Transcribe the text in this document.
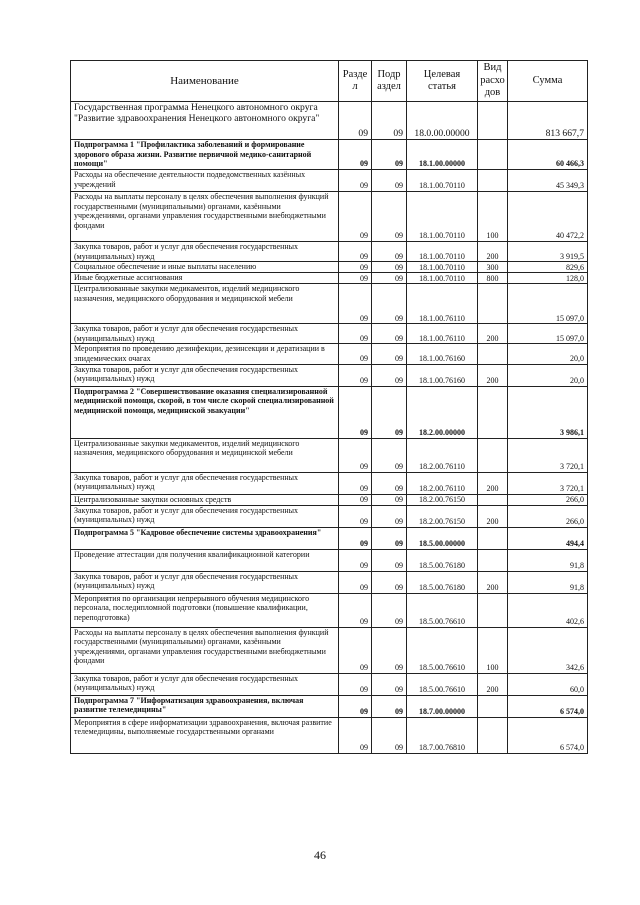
Наименование	Разде л	Подр аздел	Целевая статья	Вид расхо дов	Сумма
Государственная программа Ненецкого автономного округа "Развитие здравоохранения Ненецкого автономного округа"	09	09	18.0.00.00000		813 667,7
Подпрограмма 1 "Профилактика заболеваний и формирование здорового образа жизни. Развитие первичной медико-санитарной помощи"	09	09	18.1.00.00000		60 466,3
Расходы на обеспечение деятельности подведомственных казённых учреждений	09	09	18.1.00.70110		45 349,3
Расходы на выплаты персоналу в целях обеспечения выполнения функций государственными (муниципальными) органами, казёнными учреждениями, органами управления государственными внебюджетными фондами	09	09	18.1.00.70110	100	40 472,2
Закупка товаров, работ и услуг для обеспечения государственных (муниципальных) нужд	09	09	18.1.00.70110	200	3 919,5
Социальное обеспечение и иные выплаты населению	09	09	18.1.00.70110	300	829,6
Иные бюджетные ассигнования	09	09	18.1.00.70110	800	128,0
Централизованные закупки медикаментов, изделий медицинского назначения, медицинского оборудования и медицинской мебели	09	09	18.1.00.76110		15 097,0
Закупка товаров, работ и услуг для обеспечения государственных (муниципальных) нужд	09	09	18.1.00.76110	200	15 097,0
Мероприятия по проведению дезинфекции, дезинсекции и дератизации в эпидемических очагах	09	09	18.1.00.76160		20,0
Закупка товаров, работ и услуг для обеспечения государственных (муниципальных) нужд	09	09	18.1.00.76160	200	20,0
Подпрограмма 2 "Совершенствование оказания специализированной медицинской помощи, скорой, в том числе скорой специализированной медицинской помощи, медицинской эвакуации"	09	09	18.2.00.00000		3 986,1
Централизованные закупки медикаментов, изделий медицинского назначения, медицинского оборудования и медицинской мебели	09	09	18.2.00.76110		3 720,1
Закупка товаров, работ и услуг для обеспечения государственных (муниципальных) нужд	09	09	18.2.00.76110	200	3 720,1
Централизованные закупки основных средств	09	09	18.2.00.76150		266,0
Закупка товаров, работ и услуг для обеспечения государственных (муниципальных) нужд	09	09	18.2.00.76150	200	266,0
Подпрограмма 5 "Кадровое обеспечение системы здравоохранения"	09	09	18.5.00.00000		494,4
Проведение аттестации для получения квалификационной категории	09	09	18.5.00.76180		91,8
Закупка товаров, работ и услуг для обеспечения государственных (муниципальных) нужд	09	09	18.5.00.76180	200	91,8
Мероприятия по организации непрерывного обучения медицинского персонала, последипломной подготовки (повышение квалификации, переподготовка)	09	09	18.5.00.76610		402,6
Расходы на выплаты персоналу в целях обеспечения выполнения функций государственными (муниципальными) органами, казёнными учреждениями, органами управления государственными внебюджетными фондами	09	09	18.5.00.76610	100	342,6
Закупка товаров, работ и услуг для обеспечения государственных (муниципальных) нужд	09	09	18.5.00.76610	200	60,0
Подпрограмма 7 "Информатизация здравоохранения, включая развитие телемедицины"	09	09	18.7.00.00000		6 574,0
Мероприятия в сфере информатизации здравоохранения, включая развитие телемедицины, выполняемые государственными органами	09	09	18.7.00.76810		6 574,0
46
